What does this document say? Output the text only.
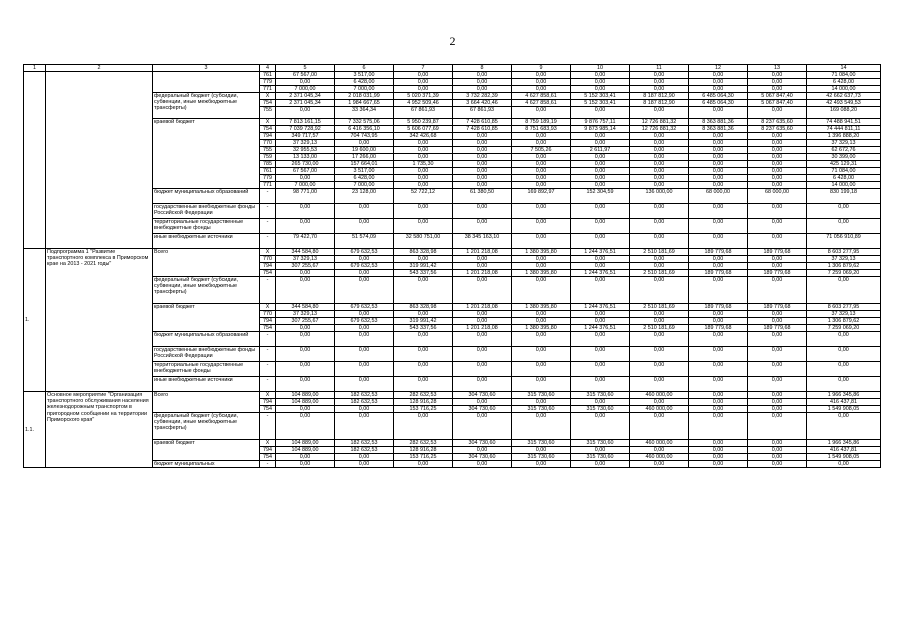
2
1	2	3	4	5	6	7	8	9	10	11	12	13	14
			761	67 567,00	3 517,00	0,00	0,00	0,00	0,00	0,00	0,00	0,00	71 084,00
			779	0,00	6 428,00	0,00	0,00	0,00	0,00	0,00	0,00	0,00	6 428,00
			771	7 000,00	7 000,00	0,00	0,00	0,00	0,00	0,00	0,00	0,00	14 000,00
		федеральный бюджет (субсидии, субвенции, иные межбюджетные трансферты)	X	2 371 045,34	2 018 031,99	5 020 371,39	3 732 282,39	4 627 858,61	5 152 303,41	8 187 812,90	6 485 064,30	5 067 847,40	42 662 637,73
			754	2 371 045,34	1 984 667,65	4 952 509,46	3 664 420,46	4 627 858,61	5 152 303,41	8 187 812,90	6 485 064,30	5 067 847,40	42 493 549,53
			755	0,00	33 364,34	67 861,93	67 861,93	0,00	0,00	0,00	0,00	0,00	169 088,20
		краевой бюджет	X	7 813 161,15	7 332 575,06	5 950 239,87	7 428 610,85	8 759 189,19	9 876 757,11	12 726 881,32	8 363 881,36	8 237 635,60	74 488 941,51
			754	7 039 728,92	6 416 356,10	5 606 077,69	7 428 610,85	8 751 683,93	9 873 985,14	12 726 881,32	8 363 881,36	8 237 635,60	74 444 811,11
			794	349 717,57	704 743,95	342 426,68	0,00	0,00	0,00	0,00	0,00	0,00	1 396 888,20
			770	37 329,13	0,00	0,00	0,00	0,00	0,00	0,00	0,00	0,00	37 329,13
			755	32 955,53	19 600,00	0,00	0,00	7 505,26	2 611,97	0,00	0,00	0,00	62 672,76
			759	13 133,00	17 266,00	0,00	0,00	0,00	0,00	0,00	0,00	0,00	30 399,00
			785	265 730,00	157 664,01	1 735,30	0,00	0,00	0,00	0,00	0,00	0,00	425 129,31
			761	67 567,00	3 517,00	0,00	0,00	0,00	0,00	0,00	0,00	0,00	71 084,00
			779	0,00	6 428,00	0,00	0,00	0,00	0,00	0,00	0,00	0,00	6 428,00
			771	7 000,00	7 000,00	0,00	0,00	0,00	0,00	0,00	0,00	0,00	14 000,00
		бюджет муниципальных образований	-	98 771,00	23 128,00	52 722,12	61 380,50	169 892,97	152 304,59	136 000,00	68 000,00	68 000,00	830 199,18
		государственные внебюджетные фонды Российской Федерации	-	0,00	0,00	0,00	0,00	0,00	0,00	0,00	0,00	0,00	0,00
		территориальные государственные внебюджетные фонды	-	0,00	0,00	0,00	0,00	0,00	0,00	0,00	0,00	0,00	0,00
		иные внебюджетные источники	-	79 422,70	51 574,09	32 580 751,00	38 345 163,10	0,00	0,00	0,00	0,00	0,00	71 056 910,89
1.	Подпрограмма 1 "Развитие транспортного комплекса в Приморском крае на 2013 - 2021 годы"	Всего	X	344 584,80	679 632,53	863 328,98	1 201 218,08	1 380 395,80	1 244 376,51	2 510 181,69	189 779,68	189 779,68	8 603 277,95
			770	37 329,13	0,00	0,00	0,00	0,00	0,00	0,00	0,00	0,00	37 329,13
			794	307 255,67	679 632,53	319 991,42	0,00	0,00	0,00	0,00	0,00	0,00	1 306 879,62
			754	0,00	0,00	543 337,56	1 201 218,08	1 380 395,80	1 244 376,51	2 510 181,69	189 779,68	189 779,68	7 259 069,20
		федеральный бюджет (субсидии, субвенции, иные межбюджетные трансферты)	-	0,00	0,00	0,00	0,00	0,00	0,00	0,00	0,00	0,00	0,00
		краевой бюджет	X	344 584,80	679 632,53	863 328,98	1 201 218,08	1 380 395,80	1 244 376,51	2 510 181,69	189 779,68	189 779,68	8 603 277,95
			770	37 329,13	0,00	0,00	0,00	0,00	0,00	0,00	0,00	0,00	37 329,13
			794	307 255,67	679 632,53	319 991,42	0,00	0,00	0,00	0,00	0,00	0,00	1 306 879,62
			754	0,00	0,00	543 337,56	1 201 218,08	1 380 395,80	1 244 376,51	2 510 181,69	189 779,68	189 779,68	7 259 069,20
		бюджет муниципальных образований	-	0,00	0,00	0,00	0,00	0,00	0,00	0,00	0,00	0,00	0,00
		государственные внебюджетные фонды Российской Федерации	-	0,00	0,00	0,00	0,00	0,00	0,00	0,00	0,00	0,00	0,00
		территориальные государственные внебюджетные фонды	-	0,00	0,00	0,00	0,00	0,00	0,00	0,00	0,00	0,00	0,00
		иные внебюджетные источники	-	0,00	0,00	0,00	0,00	0,00	0,00	0,00	0,00	0,00	0,00
1.1.	Основное мероприятие "Организация транспортного обслуживания населения железнодорожным транспортом в пригородном сообщении на территории Приморского края"	Всего	X	104 889,00	182 632,53	282 632,53	304 730,60	315 730,60	315 730,60	460 000,00	0,00	0,00	1 966 345,86
			794	104 889,00	182 632,53	128 916,28	0,00	0,00	0,00	0,00	0,00	0,00	416 437,81
			754	0,00	0,00	153 716,25	304 730,60	315 730,60	315 730,60	460 000,00	0,00	0,00	1 549 908,05
		федеральный бюджет (субсидии, субвенции, иные межбюджетные трансферты)	-	0,00	0,00	0,00	0,00	0,00	0,00	0,00	0,00	0,00	0,00
		краевой бюджет	X	104 889,00	182 632,53	282 632,53	304 730,60	315 730,60	315 730,60	460 000,00	0,00	0,00	1 966 345,86
			794	104 889,00	182 632,53	128 916,28	0,00	0,00	0,00	0,00	0,00	0,00	416 437,81
			754	0,00	0,00	153 716,25	304 730,60	315 730,60	315 730,60	460 000,00	0,00	0,00	1 549 908,05
		бюджет муниципальных	-	0,00	0,00	0,00	0,00	0,00	0,00	0,00	0,00	0,00	0,00
